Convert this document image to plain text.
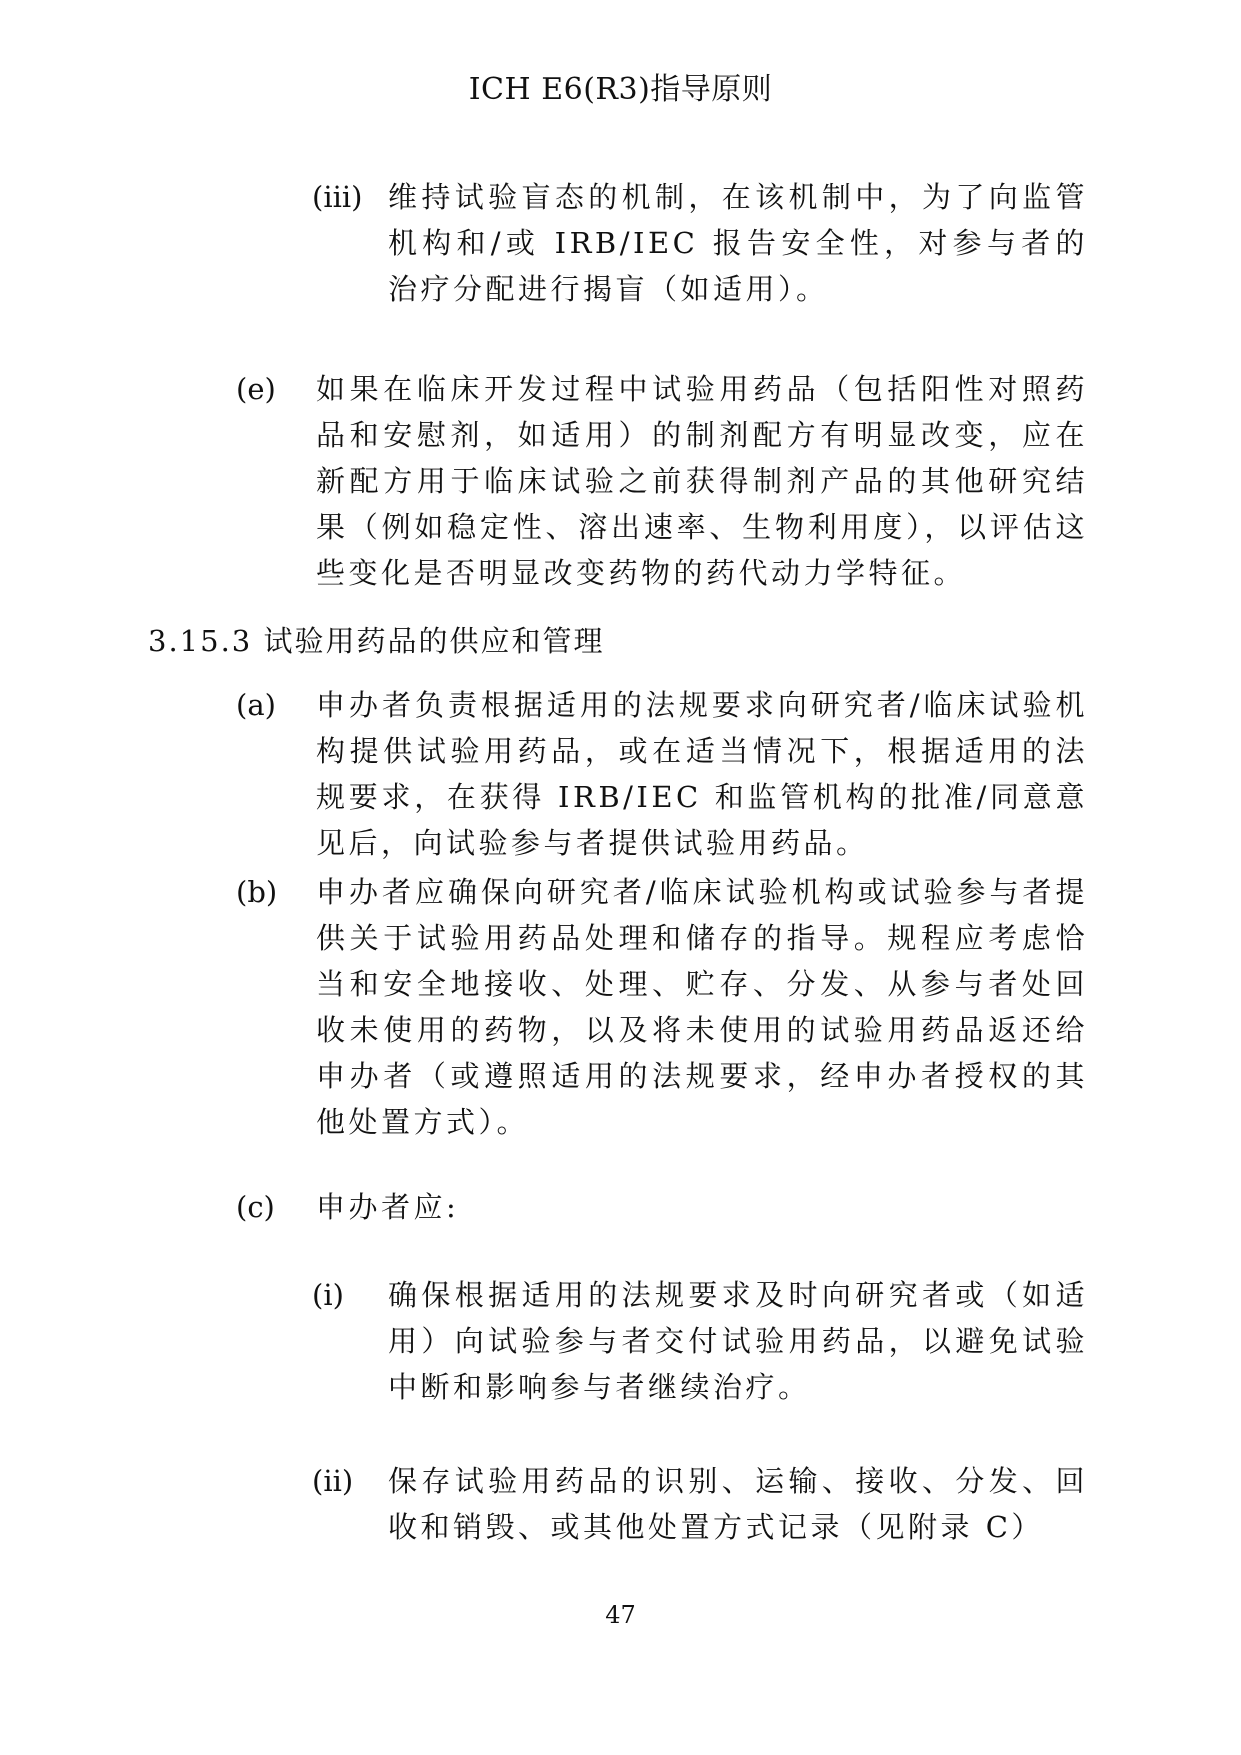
ICH E6(R3)指导原则
(iii) 维持试验盲态的机制，在该机制中，为了向监管机构和/或 IRB/IEC 报告安全性，对参与者的治疗分配进行揭盲（如适用）。
(e) 如果在临床开发过程中试验用药品（包括阳性对照药品和安慰剂，如适用）的制剂配方有明显改变，应在新配方用于临床试验之前获得制剂产品的其他研究结果（例如稳定性、溶出速率、生物利用度），以评估这些变化是否明显改变药物的药代动力学特征。
3.15.3 试验用药品的供应和管理
(a) 申办者负责根据适用的法规要求向研究者/临床试验机构提供试验用药品，或在适当情况下，根据适用的法规要求，在获得 IRB/IEC 和监管机构的批准/同意意见后，向试验参与者提供试验用药品。
(b) 申办者应确保向研究者/临床试验机构或试验参与者提供关于试验用药品处理和储存的指导。规程应考虑恰当和安全地接收、处理、贮存、分发、从参与者处回收未使用的药物，以及将未使用的试验用药品返还给申办者（或遵照适用的法规要求，经申办者授权的其他处置方式）。
(c) 申办者应:
(i) 确保根据适用的法规要求及时向研究者或（如适用）向试验参与者交付试验用药品，以避免试验中断和影响参与者继续治疗。
(ii) 保存试验用药品的识别、运输、接收、分发、回收和销毁、或其他处置方式记录（见附录 C）
47
